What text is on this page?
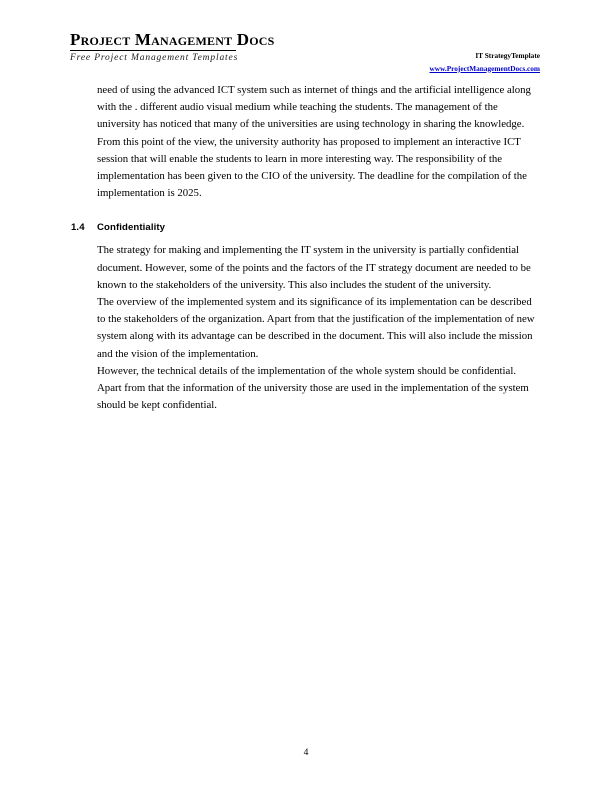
Project Management Docs
Free Project Management Templates	IT StrategyTemplate
www.ProjectManagementDocs.com

need of using the advanced ICT system such as internet of things and the artificial intelligence along with the . different audio visual medium while teaching the students. The management of the university has noticed that many of the universities are using technology in sharing the knowledge. From this point of the view, the university authority has proposed to implement an interactive ICT session that will enable the students to learn in more interesting way. The responsibility of the implementation has been given to the CIO of the university. The deadline for the compilation of the implementation is 2025.

1.4	Confidentiality

The strategy for making and implementing the IT system in the university is partially confidential document. However, some of the points and the factors of the IT strategy document are needed to be known to the stakeholders of the university. This also includes the student of the university.

The overview of the implemented system and its significance of its implementation can be described to the stakeholders of the organization. Apart from that the justification of the implementation of new system along with its advantage can be described in the document. This will also include the mission and the vision of the implementation.

However, the technical details of the implementation of the whole system should be confidential. Apart from that the information of the university those are used in the implementation of the system should be kept confidential.

4
